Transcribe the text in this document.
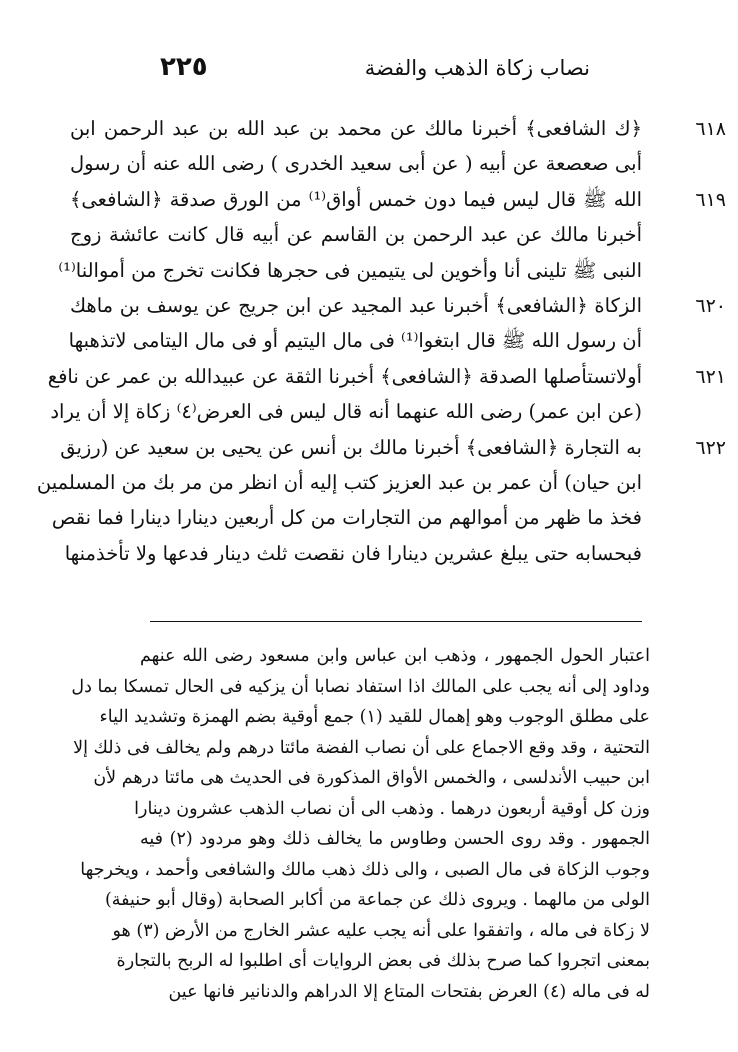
٢٢٥	نصاب زكاة الذهب والفضة
٦١٨
﴿ك الشافعى﴾ أخبرنا مالك عن محمد بن عبد الله بن عبد الرحمن ابن
أبى صعصعة عن أبيه ( عن أبى سعيد الخدرى ) رضى الله عنه أن رسول
٦١٩
الله ﷺ قال ليس فيما دون خمس أواق⁽¹⁾ من الورق صدقة ﴿الشافعى﴾
أخبرنا مالك عن عبد الرحمن بن القاسم عن أبيه قال كانت عائشة زوج
النبى ﷺ تلينى أنا وأخوين لى يتيمين فى حجرها فكانت تخرج من أموالنا⁽¹⁾
٦٢٠
الزكاة ﴿الشافعى﴾ أخبرنا عبد المجيد عن ابن جريج عن يوسف بن ماهك
أن رسول الله ﷺ قال ابتغوا⁽¹⁾ فى مال اليتيم أو فى مال اليتامى لاتذهبها
٦٢١
أولاتستأصلها الصدقة ﴿الشافعى﴾ أخبرنا الثقة عن عبيدالله بن عمر عن نافع
(عن ابن عمر) رضى الله عنهما أنه قال ليس فى العرض⁽٤⁾ زكاة إلا أن يراد
٦٢٢
به التجارة ﴿الشافعى﴾ أخبرنا مالك بن أنس عن يحيى بن سعيد عن (رزيق
ابن حيان) أن عمر بن عبد العزيز كتب إليه أن انظر من مر بك من المسلمين
فخذ ما ظهر من أموالهم من التجارات من كل أربعين دينارا دينارا فما نقص
فبحسابه حتى يبلغ عشرين دينارا فان نقصت ثلث دينار فدعها ولا تأخذمنها
اعتبار الحول الجمهور ، وذهب ابن عباس وابن مسعود رضى الله عنهم
وداود إلى أنه يجب على المالك اذا استفاد نصابا أن يزكيه فى الحال تمسكا بما دل
على مطلق الوجوب وهو إهمال للقيد (١) جمع أوقية بضم الهمزة وتشديد الياء
التحتية ، وقد وقع الاجماع على أن نصاب الفضة مائتا درهم ولم يخالف فى ذلك إلا
ابن حبيب الأندلسى ، والخمس الأواق المذكورة فى الحديث هى مائتا درهم لأن
وزن كل أوقية أربعون درهما . وذهب الى أن نصاب الذهب عشرون دينارا
الجمهور . وقد روى الحسن وطاوس ما يخالف ذلك وهو مردود (٢) فيه
وجوب الزكاة فى مال الصبى ، والى ذلك ذهب مالك والشافعى وأحمد ، ويخرجها
الولى من مالهما . ويروى ذلك عن جماعة من أكابر الصحابة (وقال أبو حنيفة)
لا زكاة فى ماله ، واتفقوا على أنه يجب عليه عشر الخارج من الأرض (٣) هو
بمعنى اتجروا كما صرح بذلك فى بعض الروايات أى اطلبوا له الربح بالتجارة
له فى ماله (٤) العرض بفتحات المتاع إلا الدراهم والدنانير فانها عين
